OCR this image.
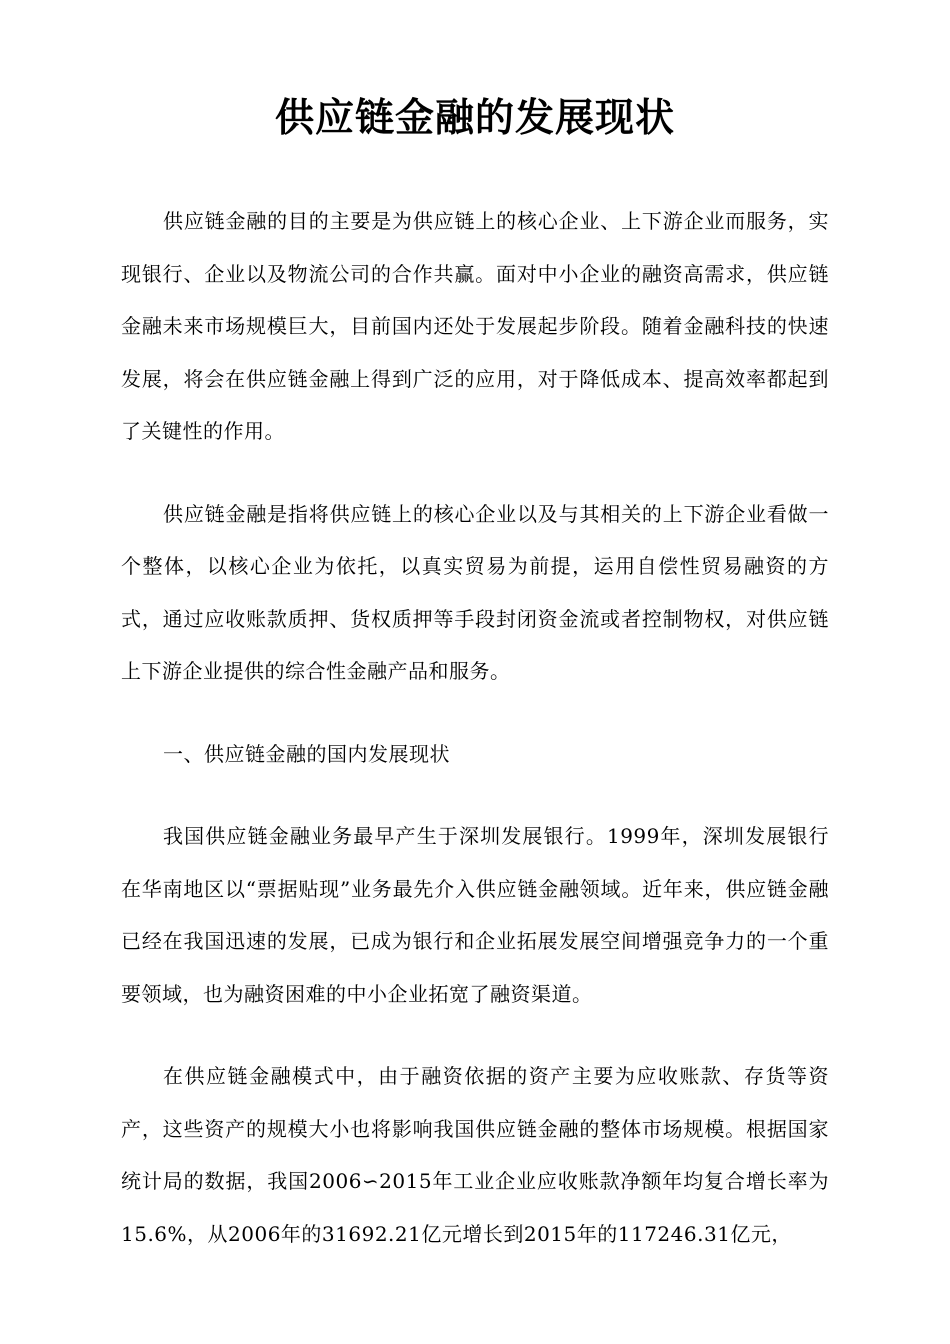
供应链金融的发展现状

供应链金融的目的主要是为供应链上的核心企业、上下游企业而服务，实现银行、企业以及物流公司的合作共赢。面对中小企业的融资高需求，供应链金融未来市场规模巨大，目前国内还处于发展起步阶段。随着金融科技的快速发展，将会在供应链金融上得到广泛的应用，对于降低成本、提高效率都起到了关键性的作用。

供应链金融是指将供应链上的核心企业以及与其相关的上下游企业看做一个整体，以核心企业为依托，以真实贸易为前提，运用自偿性贸易融资的方式，通过应收账款质押、货权质押等手段封闭资金流或者控制物权，对供应链上下游企业提供的综合性金融产品和服务。

一、供应链金融的国内发展现状

我国供应链金融业务最早产生于深圳发展银行。1999年，深圳发展银行在华南地区以“票据贴现”业务最先介入供应链金融领域。近年来，供应链金融已经在我国迅速的发展，已成为银行和企业拓展发展空间增强竞争力的一个重要领域，也为融资困难的中小企业拓宽了融资渠道。

在供应链金融模式中，由于融资依据的资产主要为应收账款、存货等资产，这些资产的规模大小也将影响我国供应链金融的整体市场规模。根据国家统计局的数据，我国2006∽2015年工业企业应收账款净额年均复合增长率为15.6%，从2006年的31692.21亿元增长到2015年的117246.31亿元，
